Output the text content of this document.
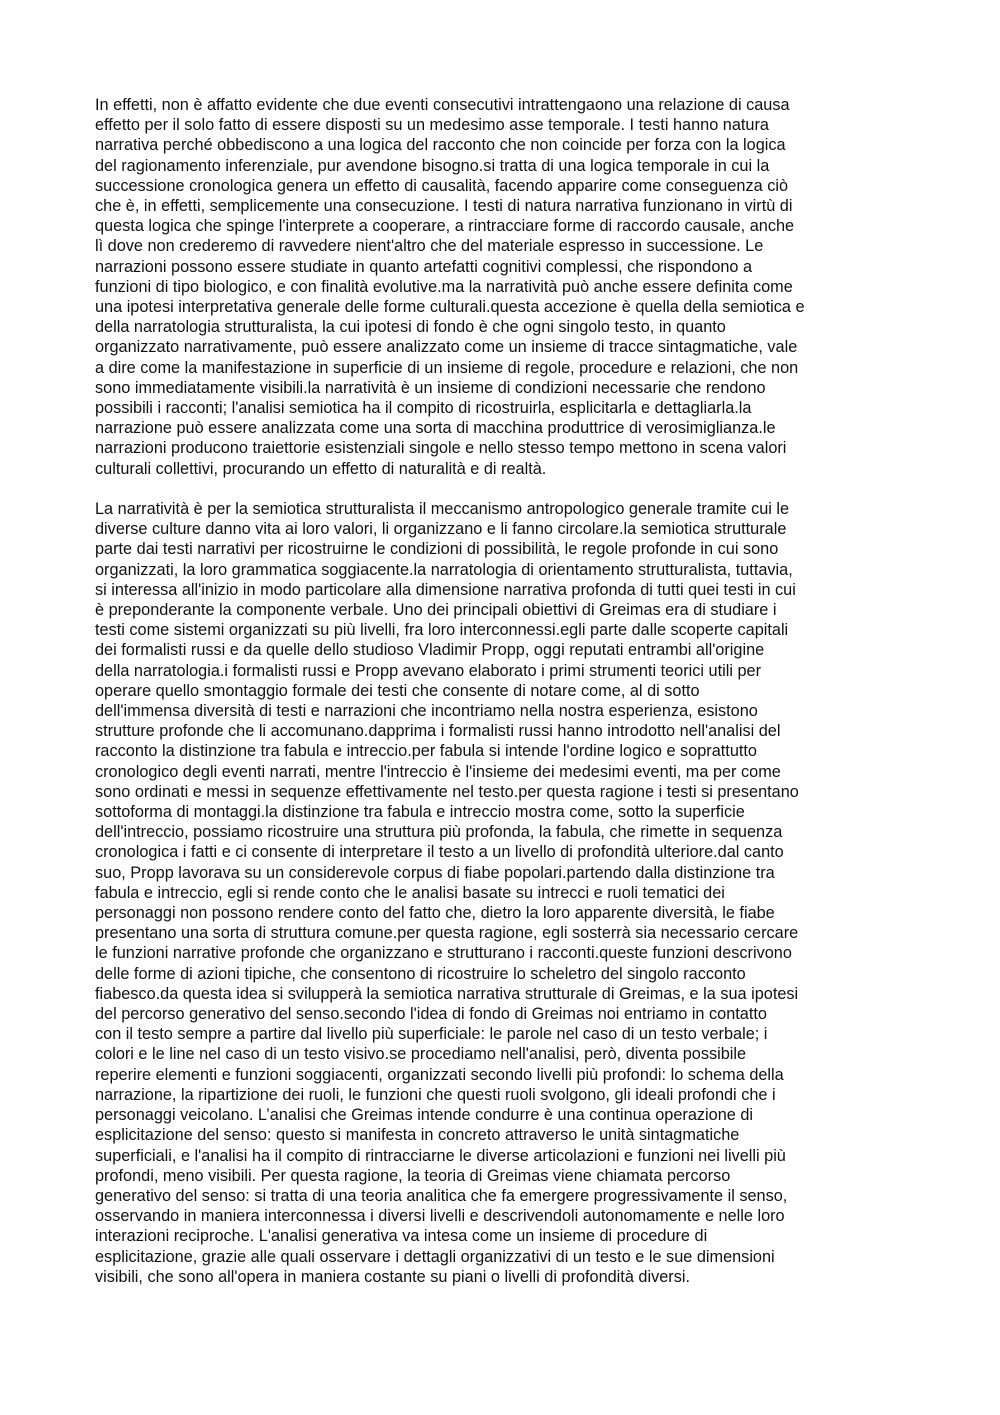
In effetti, non è affatto evidente che due eventi consecutivi intrattengaono una relazione di causa
effetto per il solo fatto di essere disposti su un medesimo asse temporale. I testi hanno natura
narrativa perché obbediscono a una logica del racconto che non coincide per forza con la logica
del ragionamento inferenziale, pur avendone bisogno.si tratta di una logica temporale in cui la
successione cronologica genera un effetto di causalità, facendo apparire come conseguenza ciò
che è, in effetti, semplicemente una consecuzione. I testi di natura narrativa funzionano in virtù di
questa logica che spinge l'interprete a cooperare, a rintracciare forme di raccordo causale, anche
lì dove non crederemo di ravvedere nient'altro che del materiale espresso in successione. Le
narrazioni possono essere studiate in quanto artefatti cognitivi complessi, che rispondono a
funzioni di tipo biologico, e con finalità evolutive.ma la narratività può anche essere definita come
una ipotesi interpretativa generale delle forme culturali.questa accezione è quella della semiotica e
della narratologia strutturalista, la cui ipotesi di fondo è che ogni singolo testo, in quanto
organizzato narrativamente, può essere analizzato come un insieme di tracce sintagmatiche, vale
a dire come la manifestazione in superficie di un insieme di regole, procedure e relazioni, che non
sono immediatamente visibili.la narratività è un insieme di condizioni necessarie che rendono
possibili i racconti; l'analisi semiotica ha il compito di ricostruirla, esplicitarla e dettagliarla.la
narrazione può essere analizzata come una sorta di macchina produttrice di verosimiglianza.le
narrazioni producono traiettorie esistenziali singole e nello stesso tempo mettono in scena valori
culturali collettivi, procurando un effetto di naturalità e di realtà.
La narratività è per la semiotica strutturalista il meccanismo antropologico generale tramite cui le
diverse culture danno vita ai loro valori, li organizzano e li fanno circolare.la semiotica strutturale
parte dai testi narrativi per ricostruirne le condizioni di possibilità, le regole profonde in cui sono
organizzati, la loro grammatica soggiacente.la narratologia di orientamento strutturalista, tuttavia,
si interessa all'inizio in modo particolare alla dimensione narrativa profonda di tutti quei testi in cui
è preponderante la componente verbale. Uno dei principali obiettivi di Greimas era di studiare i
testi come sistemi organizzati su più livelli, fra loro interconnessi.egli parte dalle scoperte capitali
dei formalisti russi e da quelle dello studioso Vladimir Propp, oggi reputati entrambi all'origine
della narratologia.i formalisti russi e Propp avevano elaborato i primi strumenti teorici utili per
operare quello smontaggio formale dei testi che consente di notare come, al di sotto
dell'immensa diversità di testi e narrazioni che incontriamo nella nostra esperienza, esistono
strutture profonde che li accomunano.dapprima i formalisti russi hanno introdotto nell'analisi del
racconto la distinzione tra fabula e intreccio.per fabula si intende l'ordine logico e soprattutto
cronologico degli eventi narrati, mentre l'intreccio è l'insieme dei medesimi eventi, ma per come
sono ordinati e messi in sequenze effettivamente nel testo.per questa ragione i testi si presentano
sottoforma di montaggi.la distinzione tra fabula e intreccio mostra come, sotto la superficie
dell'intreccio, possiamo ricostruire una struttura più profonda, la fabula, che rimette in sequenza
cronologica i fatti e ci consente di interpretare il testo a un livello di profondità ulteriore.dal canto
suo, Propp lavorava su un considerevole corpus di fiabe popolari.partendo dalla distinzione tra
fabula e intreccio, egli si rende conto che le analisi basate su intrecci e ruoli tematici dei
personaggi non possono rendere conto del fatto che, dietro la loro apparente diversità, le fiabe
presentano una sorta di struttura comune.per questa ragione, egli sosterrà sia necessario cercare
le funzioni narrative profonde che organizzano e strutturano i racconti.queste funzioni descrivono
delle forme di azioni tipiche, che consentono di ricostruire lo scheletro del singolo racconto
fiabesco.da questa idea si svilupperà la semiotica narrativa strutturale di Greimas, e la sua ipotesi
del percorso generativo del senso.secondo l'idea di fondo di Greimas noi entriamo in contatto
con il testo sempre a partire dal livello più superficiale: le parole nel caso di un testo verbale; i
colori e le line nel caso di un testo visivo.se procediamo nell'analisi, però, diventa possibile
reperire elementi e funzioni soggiacenti, organizzati secondo livelli più profondi: lo schema della
narrazione, la ripartizione dei ruoli, le funzioni che questi ruoli svolgono, gli ideali profondi che i
personaggi veicolano. L’analisi che Greimas intende condurre è una continua operazione di
esplicitazione del senso: questo si manifesta in concreto attraverso le unità sintagmatiche
superficiali, e l'analisi ha il compito di rintracciarne le diverse articolazioni e funzioni nei livelli più
profondi, meno visibili. Per questa ragione, la teoria di Greimas viene chiamata percorso
generativo del senso: si tratta di una teoria analitica che fa emergere progressivamente il senso,
osservando in maniera interconnessa i diversi livelli e descrivendoli autonomamente e nelle loro
interazioni reciproche. L'analisi generativa va intesa come un insieme di procedure di
esplicitazione, grazie alle quali osservare i dettagli organizzativi di un testo e le sue dimensioni
visibili, che sono all'opera in maniera costante su piani o livelli di profondità diversi.
